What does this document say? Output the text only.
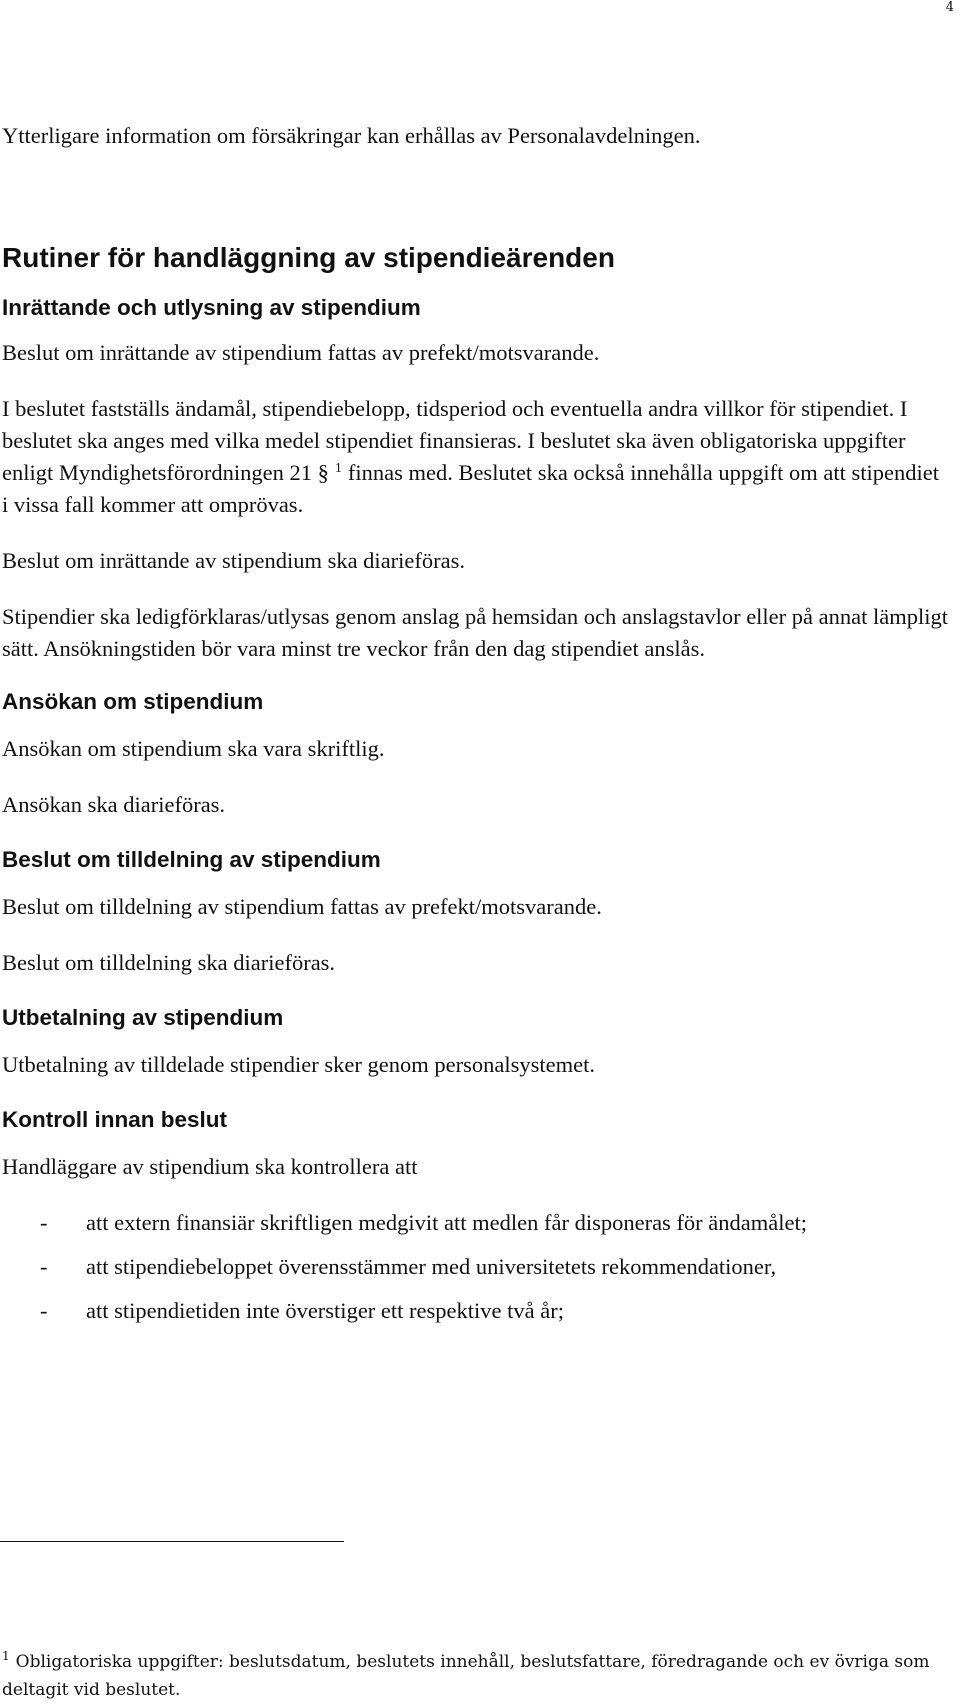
4

Ytterligare information om försäkringar kan erhållas av Personalavdelningen.

Rutiner för handläggning av stipendieärenden
Inrättande och utlysning av stipendium

Beslut om inrättande av stipendium fattas av prefekt/motsvarande.

I beslutet fastställs ändamål, stipendiebelopp, tidsperiod och eventuella andra villkor för stipendiet. I beslutet ska anges med vilka medel stipendiet finansieras. I beslutet ska även obligatoriska uppgifter enligt Myndighetsförordningen 21 § $^1$ finnas med. Beslutet ska också innehålla uppgift om att stipendiet i vissa fall kommer att omprövas.

Beslut om inrättande av stipendium ska diarieföras.

Stipendier ska ledigförklaras/utlysas genom anslag på hemsidan och anslagstavlor eller på annat lämpligt sätt. Ansökningstiden bör vara minst tre veckor från den dag stipendiet anslås.

Ansökan om stipendium

Ansökan om stipendium ska vara skriftlig.

Ansökan ska diarieföras.

Beslut om tilldelning av stipendium

Beslut om tilldelning av stipendium fattas av prefekt/motsvarande.

Beslut om tilldelning ska diarieföras.

Utbetalning av stipendium

Utbetalning av tilldelade stipendier sker genom personalsystemet.

Kontroll innan beslut

Handläggare av stipendium ska kontrollera att

-	att extern finansiär skriftligen medgivit att medlen får disponeras för ändamålet;
-	att stipendiebeloppet överensstämmer med universitetets rekommendationer,
-	att stipendietiden inte överstiger ett respektive två år;
$^1$ Obligatoriska uppgifter: beslutsdatum, beslutets innehåll, beslutsfattare, föredragande och ev övriga som deltagit vid beslutet.
